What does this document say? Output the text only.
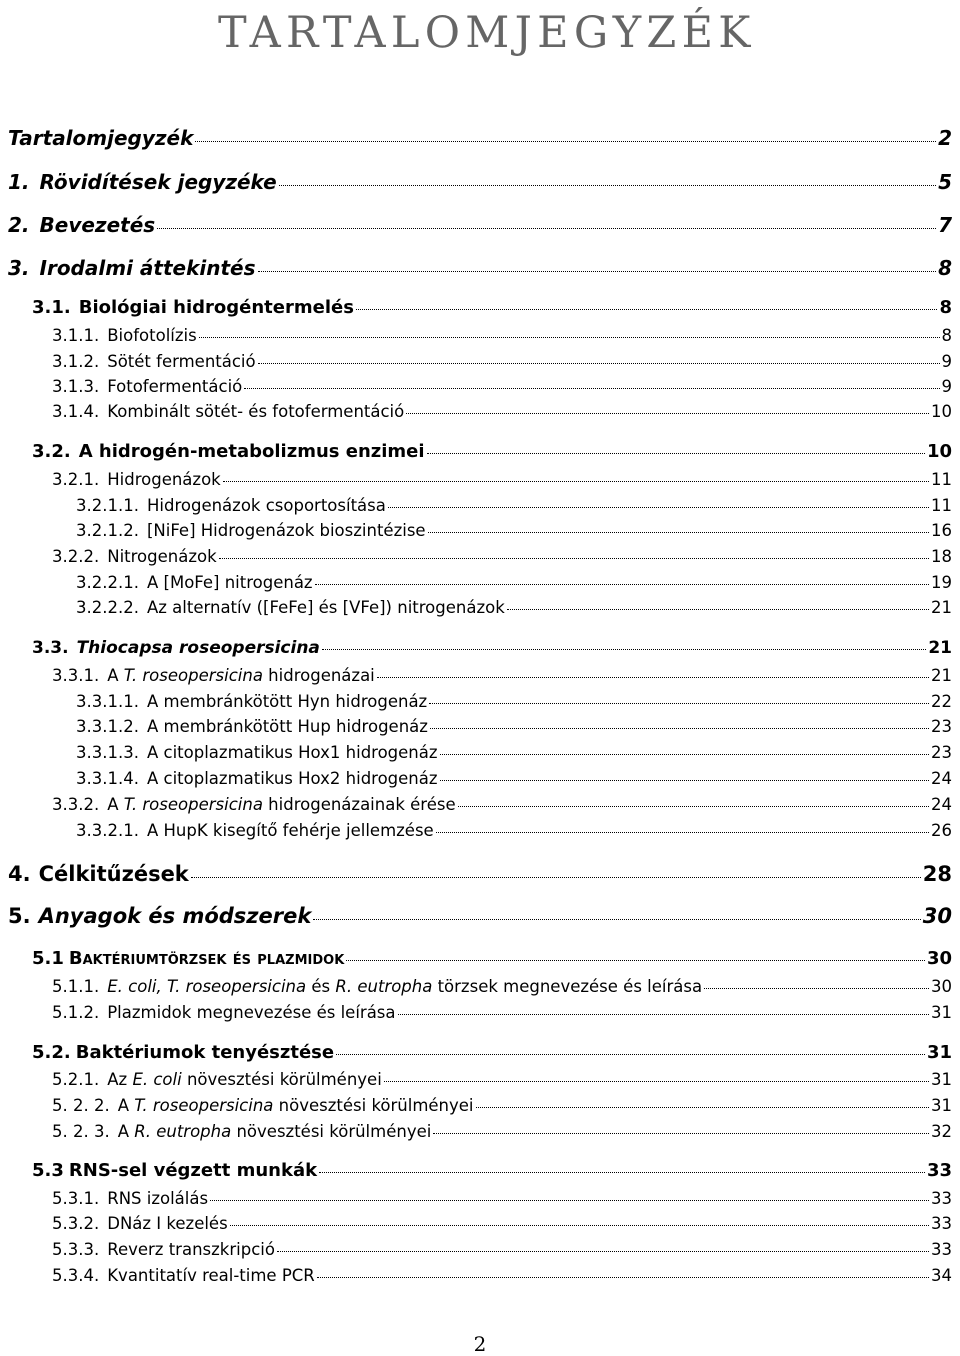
TARTALOMJEGYZÉK
Tartalomjegyzék	2
1. Rövidítések jegyzéke	5
2. Bevezetés	7
3. Irodalmi áttekintés	8
3.1. Biológiai hidrogéntermelés	8
3.1.1. Biofotolízis	8
3.1.2. Sötét fermentáció	9
3.1.3. Fotofermentáció	9
3.1.4. Kombinált sötét- és fotofermentáció	10
3.2. A hidrogén-metabolizmus enzimei	10
3.2.1. Hidrogenázok	11
3.2.1.1. Hidrogenázok csoportosítása	11
3.2.1.2. [NiFe] Hidrogenázok bioszintézise	16
3.2.2. Nitrogenázok	18
3.2.2.1. A [MoFe] nitrogenáz	19
3.2.2.2. Az alternatív ([FeFe] és [VFe]) nitrogenázok	21
3.3. Thiocapsa roseopersicina	21
3.3.1. A T. roseopersicina hidrogenázai	21
3.3.1.1. A membránkötött Hyn hidrogenáz	22
3.3.1.2. A membránkötött Hup hidrogenáz	23
3.3.1.3. A citoplazmatikus Hox1 hidrogenáz	23
3.3.1.4. A citoplazmatikus Hox2 hidrogenáz	24
3.3.2. A T. roseopersicina hidrogenázainak érése	24
3.3.2.1. A HupK kisegítő fehérje jellemzése	26
4. Célkitűzések	28
5. Anyagok és módszerek	30
5.1 Baktériumtörzsek és plazmidok	30
5.1.1. E. coli, T. roseopersicina és R. eutropha törzsek megnevezése és leírása	30
5.1.2. Plazmidok megnevezése és leírása	31
5.2. Baktériumok tenyésztése	31
5.2.1. Az E. coli növesztési körülményei	31
5. 2. 2. A T. roseopersicina növesztési körülményei	31
5. 2. 3. A R. eutropha növesztési körülményei	32
5.3 RNS-sel végzett munkák	33
5.3.1. RNS izolálás	33
5.3.2. DNáz I kezelés	33
5.3.3. Reverz transzkripció	33
5.3.4. Kvantitatív real-time PCR	34
2
